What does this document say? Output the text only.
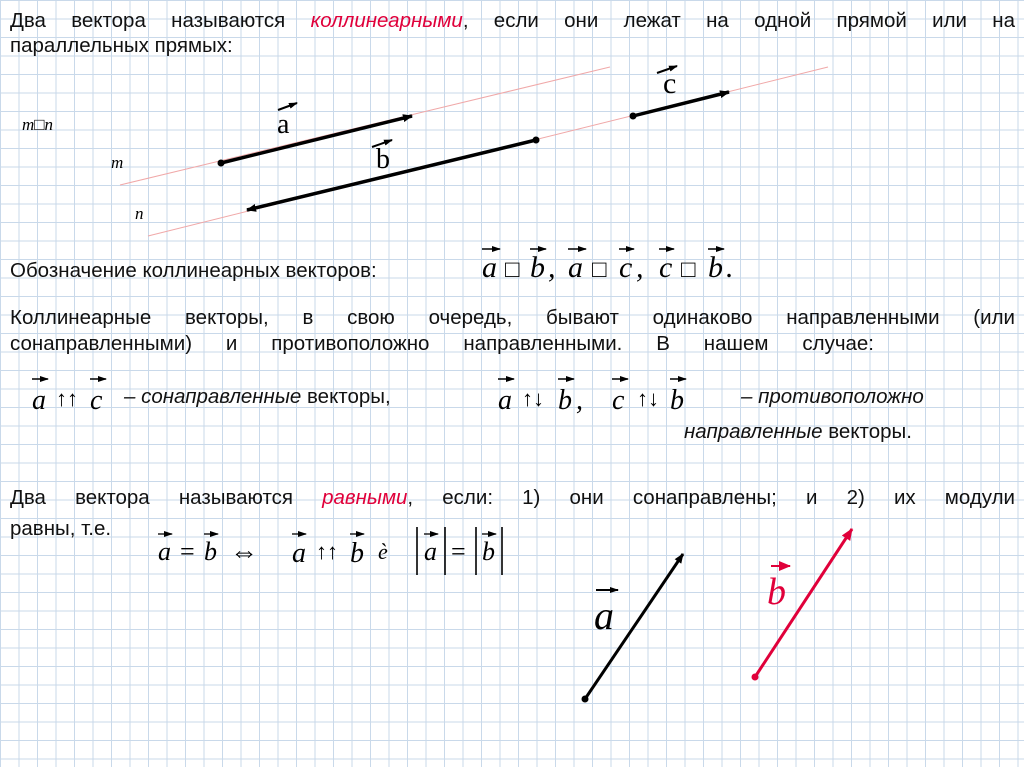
Два вектора называются коллинеарными, если они лежат на одной прямой или на
параллельных прямых:
m□n
m
n
a
b
c
a □ b , a □ c , c □ b .
a ↑↑ c	a ↑↓ b , c ↑↓ b
a = b ⇔ a ↑↑ b è a = b
a
b
Обозначение коллинеарных векторов:
Коллинеарные векторы, в свою очередь, бывают одинаково направленными (или
сонаправленными) и противоположно направленными. В нашем случае:
– сонаправленные векторы,	– противоположно
направленные векторы.
Два вектора называются равными, если: 1) они сонаправлены; и 2) их модули
равны, т.е.
